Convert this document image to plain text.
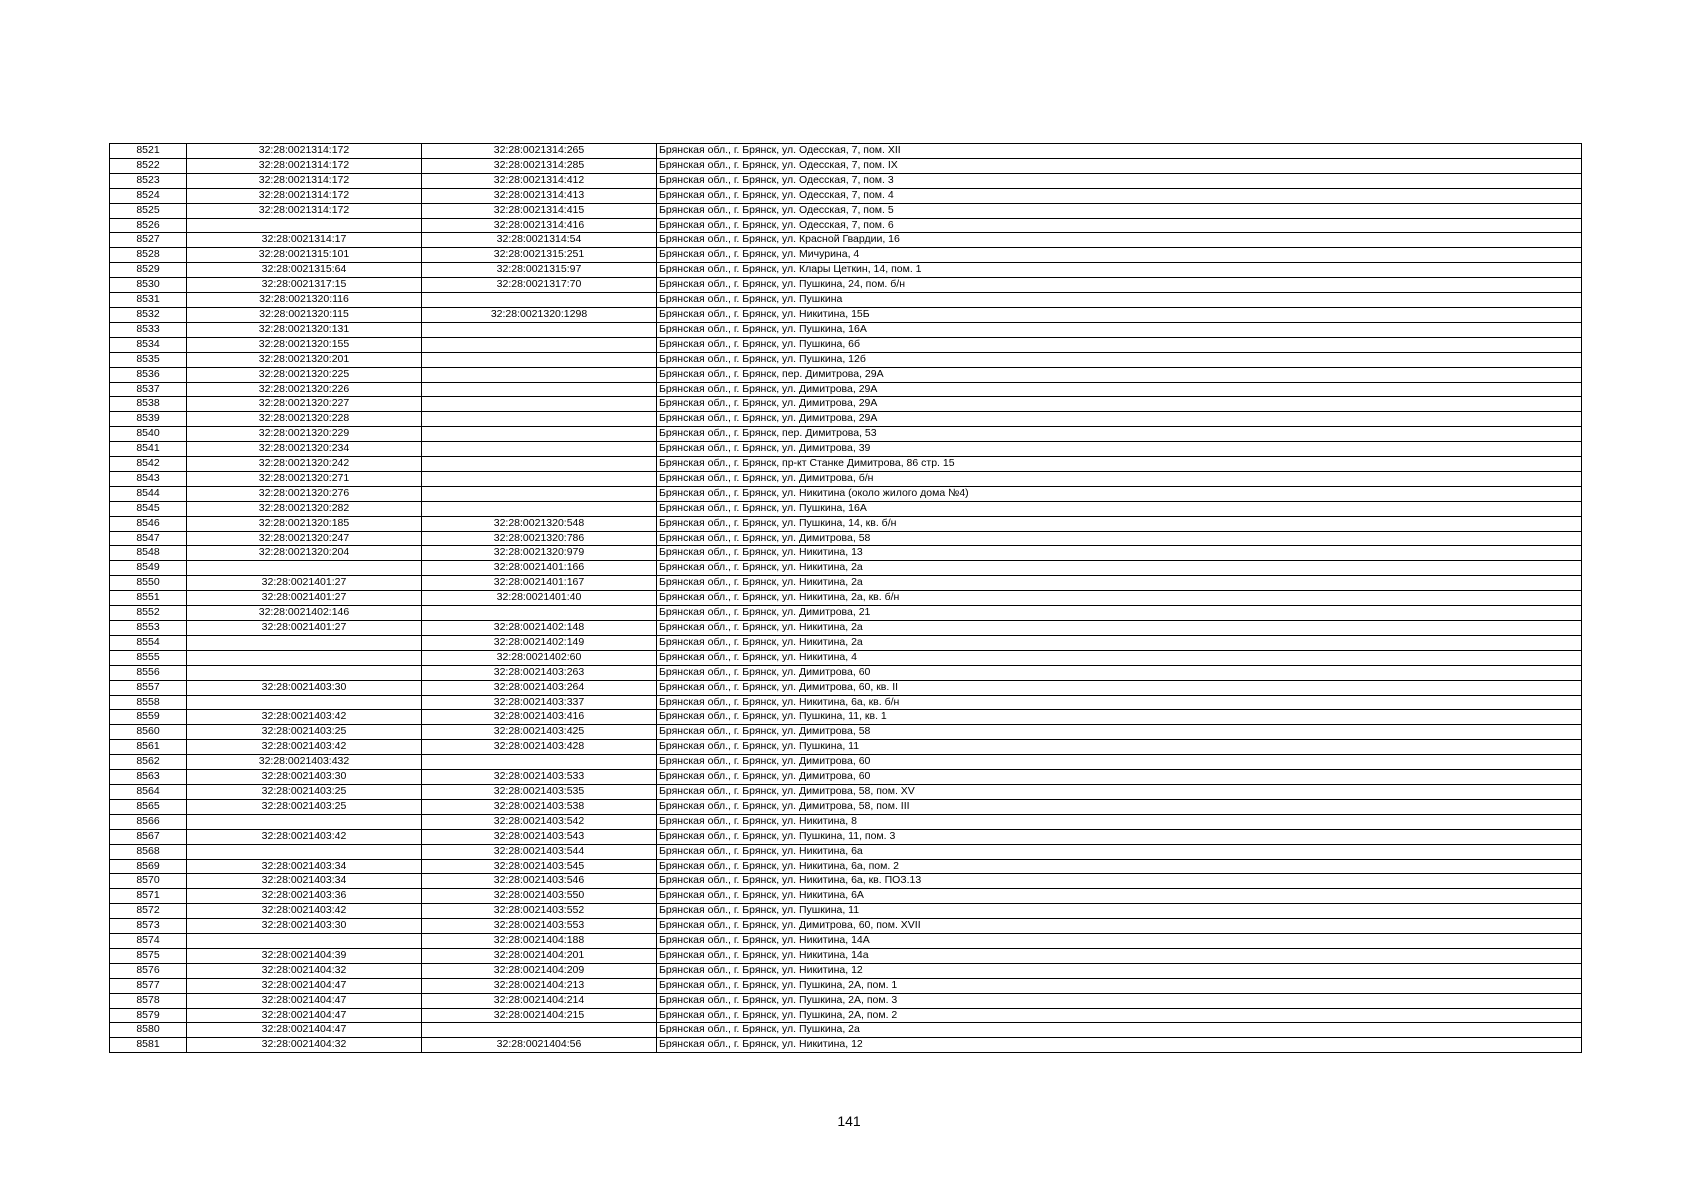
8521	32:28:0021314:172	32:28:0021314:265	Брянская обл., г. Брянск, ул. Одесская, 7, пом. XII
8522	32:28:0021314:172	32:28:0021314:285	Брянская обл., г. Брянск, ул. Одесская, 7, пом. IX
8523	32:28:0021314:172	32:28:0021314:412	Брянская обл., г. Брянск, ул. Одесская, 7, пом. 3
8524	32:28:0021314:172	32:28:0021314:413	Брянская обл., г. Брянск, ул. Одесская, 7, пом. 4
8525	32:28:0021314:172	32:28:0021314:415	Брянская обл., г. Брянск, ул. Одесская, 7, пом. 5
8526		32:28:0021314:416	Брянская обл., г. Брянск, ул. Одесская, 7, пом. 6
8527	32:28:0021314:17	32:28:0021314:54	Брянская обл., г. Брянск, ул. Красной Гвардии, 16
8528	32:28:0021315:101	32:28:0021315:251	Брянская обл., г. Брянск, ул. Мичурина, 4
8529	32:28:0021315:64	32:28:0021315:97	Брянская обл., г. Брянск, ул. Клары Цеткин, 14, пом. 1
8530	32:28:0021317:15	32:28:0021317:70	Брянская обл., г. Брянск, ул. Пушкина, 24, пом. б/н
8531	32:28:0021320:116		Брянская обл., г. Брянск, ул. Пушкина
8532	32:28:0021320:115	32:28:0021320:1298	Брянская обл., г. Брянск, ул. Никитина, 15Б
8533	32:28:0021320:131		Брянская обл., г. Брянск, ул. Пушкина, 16А
8534	32:28:0021320:155		Брянская обл., г. Брянск, ул. Пушкина, 6б
8535	32:28:0021320:201		Брянская обл., г. Брянск, ул. Пушкина, 12б
8536	32:28:0021320:225		Брянская обл., г. Брянск, пер. Димитрова, 29А
8537	32:28:0021320:226		Брянская обл., г. Брянск, ул. Димитрова, 29А
8538	32:28:0021320:227		Брянская обл., г. Брянск, ул. Димитрова, 29А
8539	32:28:0021320:228		Брянская обл., г. Брянск, ул. Димитрова, 29А
8540	32:28:0021320:229		Брянская обл., г. Брянск, пер. Димитрова, 53
8541	32:28:0021320:234		Брянская обл., г. Брянск, ул. Димитрова, 39
8542	32:28:0021320:242		Брянская обл., г. Брянск, пр-кт Станке Димитрова, 86 стр. 15
8543	32:28:0021320:271		Брянская обл., г. Брянск, ул. Димитрова, б/н
8544	32:28:0021320:276		Брянская обл., г. Брянск, ул. Никитина (около жилого дома №4)
8545	32:28:0021320:282		Брянская обл., г. Брянск, ул. Пушкина, 16А
8546	32:28:0021320:185	32:28:0021320:548	Брянская обл., г. Брянск, ул. Пушкина, 14, кв. б/н
8547	32:28:0021320:247	32:28:0021320:786	Брянская обл., г. Брянск, ул. Димитрова, 58
8548	32:28:0021320:204	32:28:0021320:979	Брянская обл., г. Брянск, ул. Никитина, 13
8549		32:28:0021401:166	Брянская обл., г. Брянск, ул. Никитина, 2а
8550	32:28:0021401:27	32:28:0021401:167	Брянская обл., г. Брянск, ул. Никитина, 2а
8551	32:28:0021401:27	32:28:0021401:40	Брянская обл., г. Брянск, ул. Никитина, 2а, кв. б/н
8552	32:28:0021402:146		Брянская обл., г. Брянск, ул. Димитрова, 21
8553	32:28:0021401:27	32:28:0021402:148	Брянская обл., г. Брянск, ул. Никитина, 2а
8554		32:28:0021402:149	Брянская обл., г. Брянск, ул. Никитина, 2а
8555		32:28:0021402:60	Брянская обл., г. Брянск, ул. Никитина, 4
8556		32:28:0021403:263	Брянская обл., г. Брянск, ул. Димитрова, 60
8557	32:28:0021403:30	32:28:0021403:264	Брянская обл., г. Брянск, ул. Димитрова, 60, кв. II
8558		32:28:0021403:337	Брянская обл., г. Брянск, ул. Никитина, 6а, кв. б/н
8559	32:28:0021403:42	32:28:0021403:416	Брянская обл., г. Брянск, ул. Пушкина, 11, кв. 1
8560	32:28:0021403:25	32:28:0021403:425	Брянская обл., г. Брянск, ул. Димитрова, 58
8561	32:28:0021403:42	32:28:0021403:428	Брянская обл., г. Брянск, ул. Пушкина, 11
8562	32:28:0021403:432		Брянская обл., г. Брянск, ул. Димитрова, 60
8563	32:28:0021403:30	32:28:0021403:533	Брянская обл., г. Брянск, ул. Димитрова, 60
8564	32:28:0021403:25	32:28:0021403:535	Брянская обл., г. Брянск, ул. Димитрова, 58, пом. XV
8565	32:28:0021403:25	32:28:0021403:538	Брянская обл., г. Брянск, ул. Димитрова, 58, пом. III
8566		32:28:0021403:542	Брянская обл., г. Брянск, ул. Никитина, 8
8567	32:28:0021403:42	32:28:0021403:543	Брянская обл., г. Брянск, ул. Пушкина, 11, пом. 3
8568		32:28:0021403:544	Брянская обл., г. Брянск, ул. Никитина, 6а
8569	32:28:0021403:34	32:28:0021403:545	Брянская обл., г. Брянск, ул. Никитина, 6а, пом. 2
8570	32:28:0021403:34	32:28:0021403:546	Брянская обл., г. Брянск, ул. Никитина, 6а, кв. ПОЗ.13
8571	32:28:0021403:36	32:28:0021403:550	Брянская обл., г. Брянск, ул. Никитина, 6А
8572	32:28:0021403:42	32:28:0021403:552	Брянская обл., г. Брянск, ул. Пушкина, 11
8573	32:28:0021403:30	32:28:0021403:553	Брянская обл., г. Брянск, ул. Димитрова, 60, пом. XVII
8574		32:28:0021404:188	Брянская обл., г. Брянск, ул. Никитина, 14А
8575	32:28:0021404:39	32:28:0021404:201	Брянская обл., г. Брянск, ул. Никитина, 14а
8576	32:28:0021404:32	32:28:0021404:209	Брянская обл., г. Брянск, ул. Никитина, 12
8577	32:28:0021404:47	32:28:0021404:213	Брянская обл., г. Брянск, ул. Пушкина, 2А, пом. 1
8578	32:28:0021404:47	32:28:0021404:214	Брянская обл., г. Брянск, ул. Пушкина, 2А, пом. 3
8579	32:28:0021404:47	32:28:0021404:215	Брянская обл., г. Брянск, ул. Пушкина, 2А, пом. 2
8580	32:28:0021404:47		Брянская обл., г. Брянск, ул. Пушкина, 2а
8581	32:28:0021404:32	32:28:0021404:56	Брянская обл., г. Брянск, ул. Никитина, 12
141
